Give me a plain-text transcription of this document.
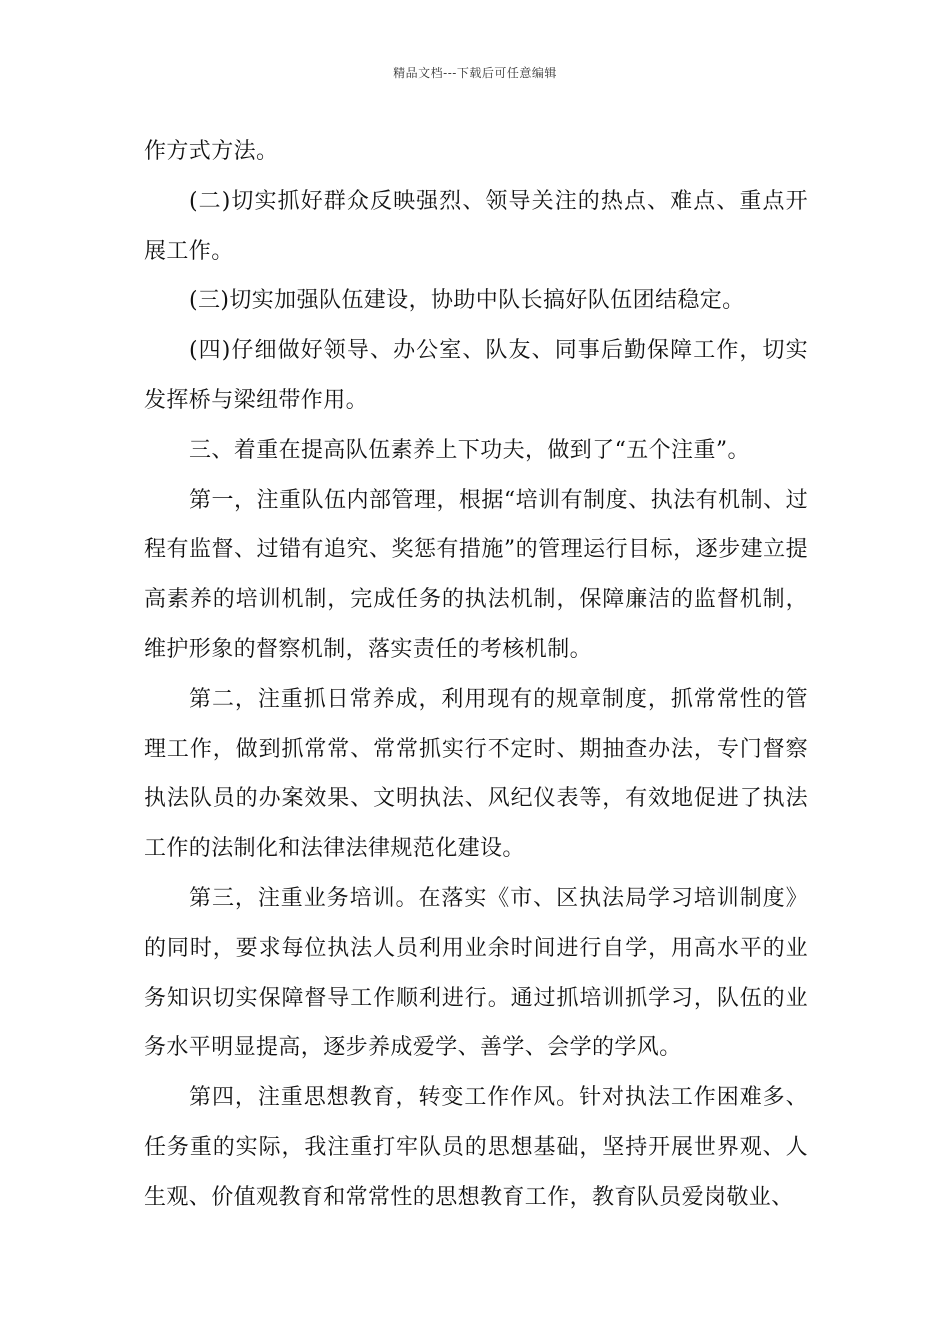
精品文档---下载后可任意编辑

作方式方法。

(二)切实抓好群众反映强烈、领导关注的热点、难点、重点开展工作。

(三)切实加强队伍建设，协助中队长搞好队伍团结稳定。

(四)仔细做好领导、办公室、队友、同事后勤保障工作，切实发挥桥与梁纽带作用。

三、着重在提高队伍素养上下功夫，做到了“五个注重”。

第一，注重队伍内部管理，根据“培训有制度、执法有机制、过程有监督、过错有追究、奖惩有措施”的管理运行目标，逐步建立提高素养的培训机制，完成任务的执法机制，保障廉洁的监督机制，维护形象的督察机制，落实责任的考核机制。

第二，注重抓日常养成，利用现有的规章制度，抓常常性的管理工作，做到抓常常、常常抓实行不定时、期抽查办法，专门督察执法队员的办案效果、文明执法、风纪仪表等，有效地促进了执法工作的法制化和法律法律规范化建设。

第三，注重业务培训。在落实《市、区执法局学习培训制度》的同时，要求每位执法人员利用业余时间进行自学，用高水平的业务知识切实保障督导工作顺利进行。通过抓培训抓学习，队伍的业务水平明显提高，逐步养成爱学、善学、会学的学风。

第四，注重思想教育，转变工作作风。针对执法工作困难多、任务重的实际，我注重打牢队员的思想基础，坚持开展世界观、人生观、价值观教育和常常性的思想教育工作，教育队员爱岗敬业、
